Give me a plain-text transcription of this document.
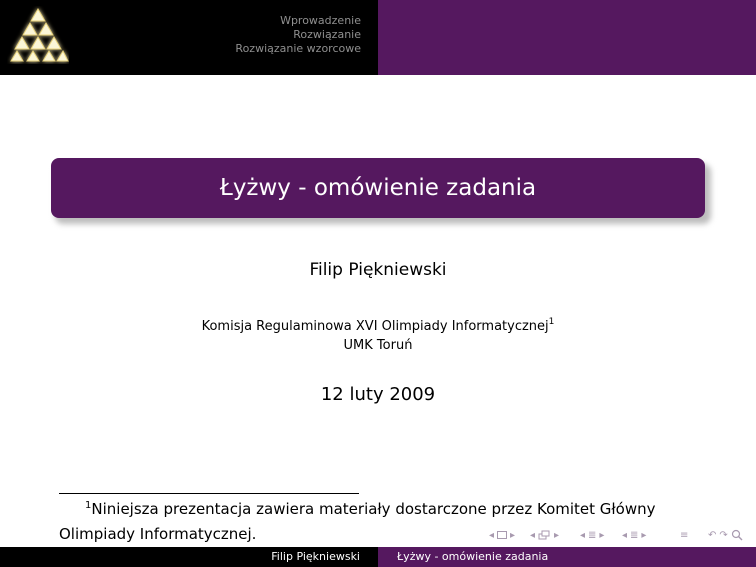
Wprowadzenie
Rozwiązanie
Rozwiązanie wzorcowe
Łyżwy - omówienie zadania
Filip Piękniewski
Komisja Regulaminowa XVI Olimpiady Informatycznej$^1$
UMK Toruń
12 luty 2009
$^1$Niniejsza prezentacja zawiera materiały dostarczone przez Komitet Główny Olimpiady Informatycznej.	◂ ▸ ◂ ▸ ◂ ≣ ▸ ◂ ≣ ▸	≡ ↶ ↷
Filip Piękniewski	Łyżwy - omówienie zadania
